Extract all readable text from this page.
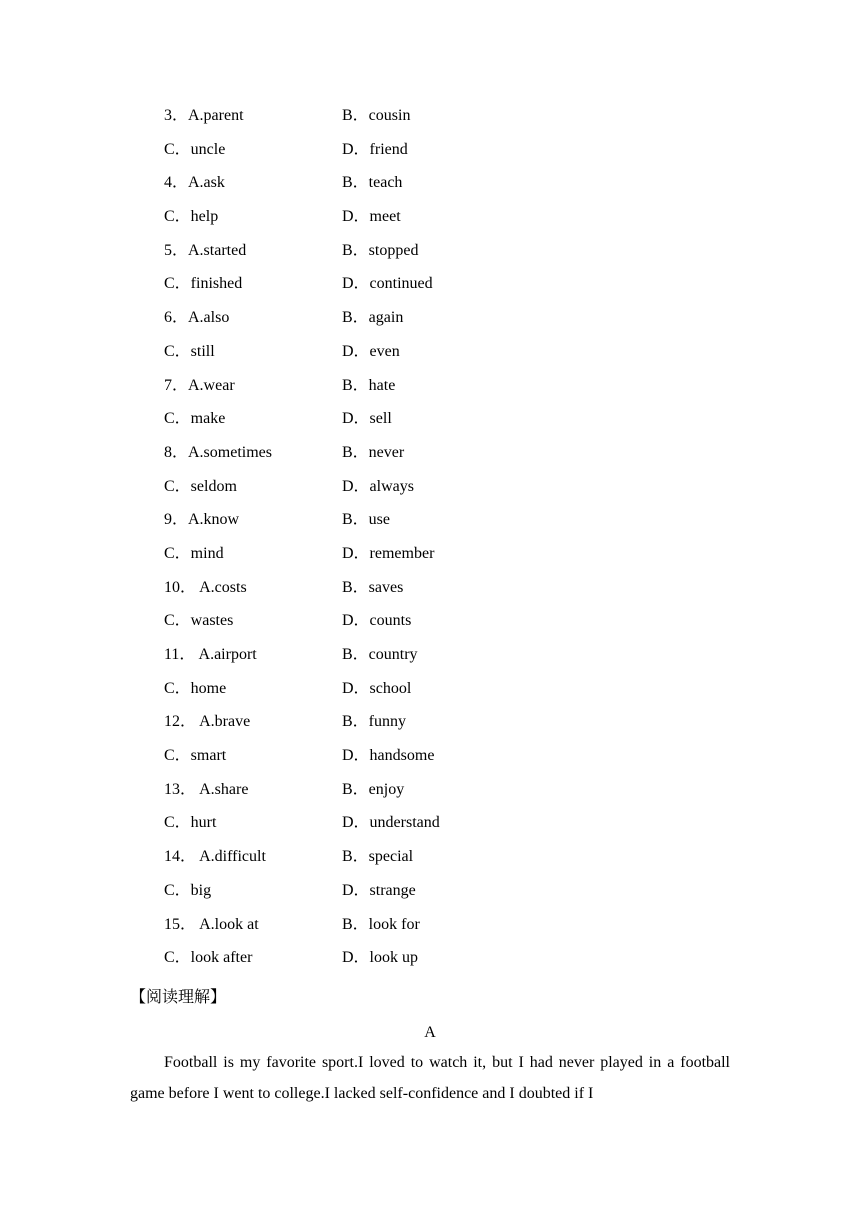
3．A.parent	B．cousin
C．uncle	D．friend
4．A.ask	B．teach
C．help	D．meet
5．A.started	B．stopped
C．finished	D．continued
6．A.also	B．again
C．still	D．even
7．A.wear	B．hate
C．make	D．sell
8．A.sometimes	B．never
C．seldom	D．always
9．A.know	B．use
C．mind	D．remember
10． A.costs	B．saves
C．wastes	D．counts
11． A.airport	B．country
C．home	D．school
12． A.brave	B．funny
C．smart	D．handsome
13． A.share	B．enjoy
C．hurt	D．understand
14． A.difficult	B．special
C．big	D．strange
15． A.look at	B．look for
C．look after	D．look up
【阅读理解】
A

Football is my favorite sport.I loved to watch it, but I had never played in a football game before I went to college.I lacked self-confidence and I doubted if I
